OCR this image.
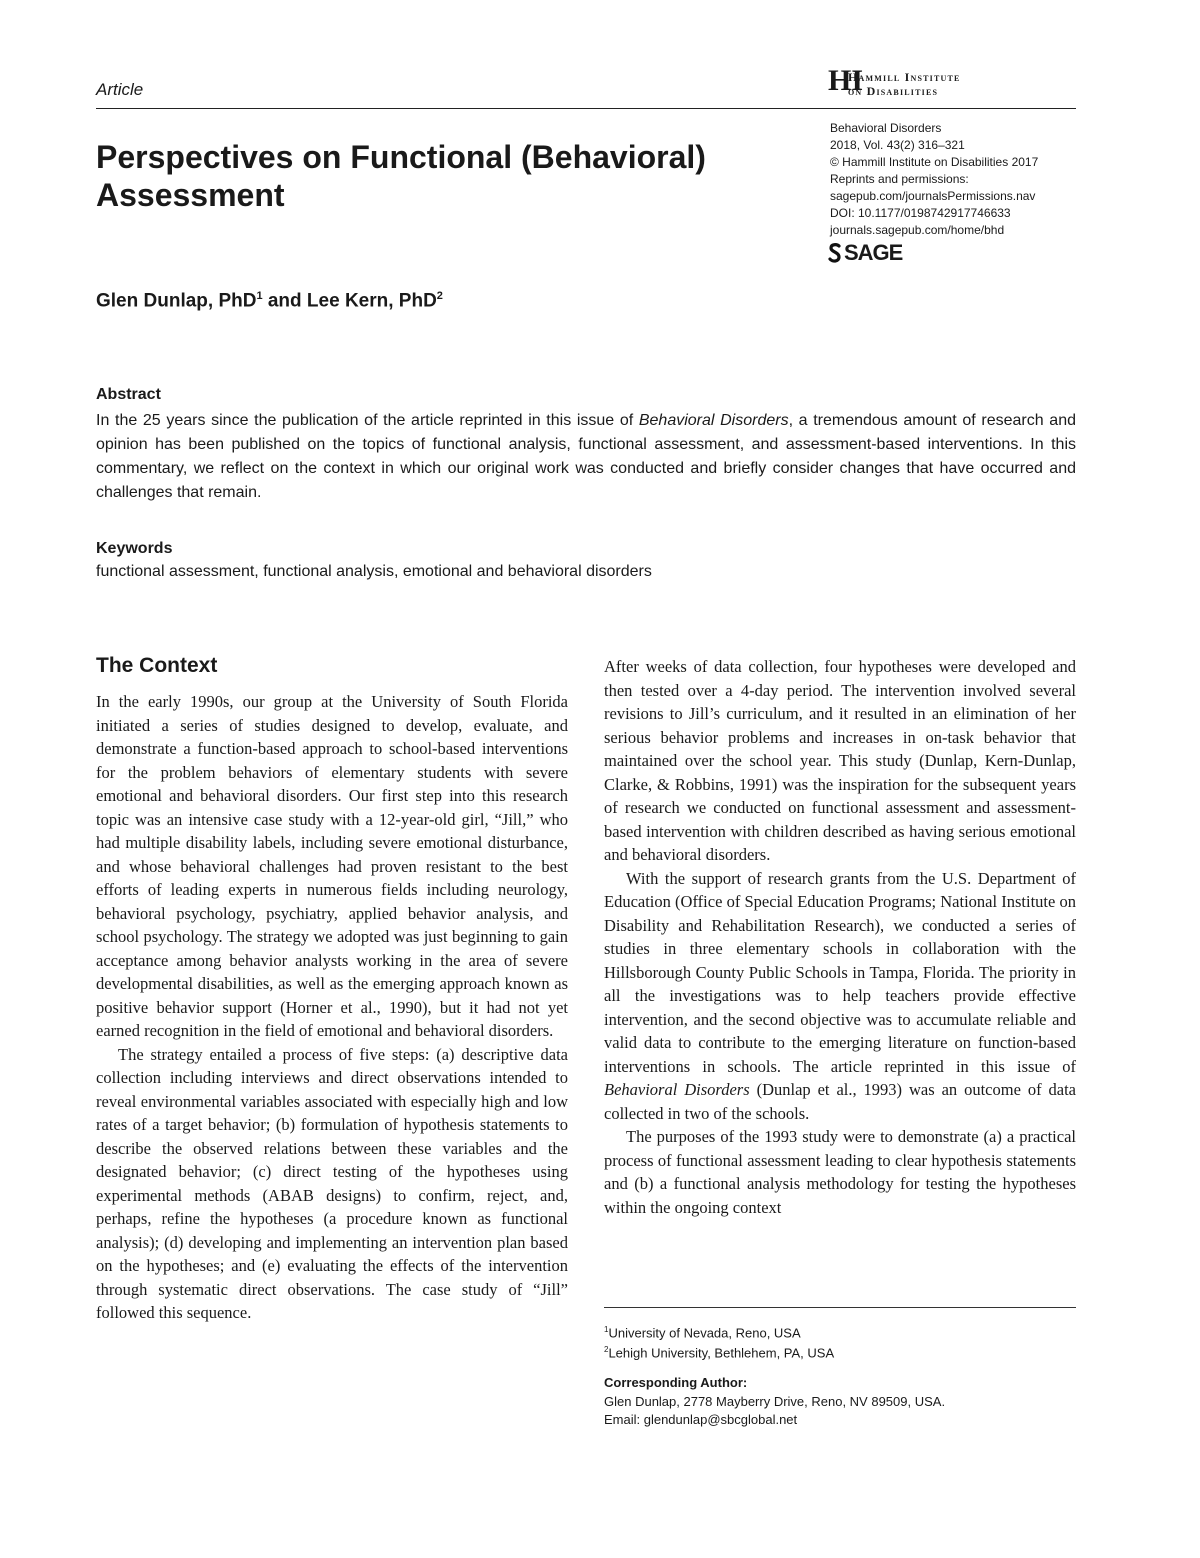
Article	HI
Hammill Institute
on Disabilities
Perspectives on Functional (Behavioral) Assessment
Behavioral Disorders
2018, Vol. 43(2) 316–321
© Hammill Institute on Disabilities 2017
Reprints and permissions:
sagepub.com/journalsPermissions.nav
DOI: 10.1177/0198742917746633
journals.sagepub.com/home/bhd
SAGE
Glen Dunlap, PhD$^1$ and Lee Kern, PhD$^2$
Abstract
In the 25 years since the publication of the article reprinted in this issue of Behavioral Disorders, a tremendous amount of research and opinion has been published on the topics of functional analysis, functional assessment, and assessment-based interventions. In this commentary, we reflect on the context in which our original work was conducted and briefly consider changes that have occurred and challenges that remain.
Keywords
functional assessment, functional analysis, emotional and behavioral disorders
The Context

In the early 1990s, our group at the University of South Florida initiated a series of studies designed to develop, evaluate, and demonstrate a function-based approach to school-based interventions for the problem behaviors of elementary students with severe emotional and behavioral disorders. Our first step into this research topic was an intensive case study with a 12-year-old girl, “Jill,” who had multiple disability labels, including severe emotional disturbance, and whose behavioral challenges had proven resistant to the best efforts of leading experts in numerous fields including neurology, behavioral psychology, psychiatry, applied behavior analysis, and school psychology. The strategy we adopted was just beginning to gain acceptance among behavior analysts working in the area of severe developmental disabilities, as well as the emerging approach known as positive behavior support (Horner et al., 1990), but it had not yet earned recognition in the field of emotional and behavioral disorders.

The strategy entailed a process of five steps: (a) descriptive data collection including interviews and direct observations intended to reveal environmental variables associated with especially high and low rates of a target behavior; (b) formulation of hypothesis statements to describe the observed relations between these variables and the designated behavior; (c) direct testing of the hypotheses using experimental methods (ABAB designs) to confirm, reject, and, perhaps, refine the hypotheses (a procedure known as functional analysis); (d) developing and implementing an intervention plan based on the hypotheses; and (e) evaluating the effects of the intervention through systematic direct observations. The case study of “Jill” followed this sequence.

After weeks of data collection, four hypotheses were developed and then tested over a 4-day period. The intervention involved several revisions to Jill’s curriculum, and it resulted in an elimination of her serious behavior problems and increases in on-task behavior that maintained over the school year. This study (Dunlap, Kern-Dunlap, Clarke, & Robbins, 1991) was the inspiration for the subsequent years of research we conducted on functional assessment and assessment-based intervention with children described as having serious emotional and behavioral disorders.

With the support of research grants from the U.S. Department of Education (Office of Special Education Programs; National Institute on Disability and Rehabilitation Research), we conducted a series of studies in three elementary schools in collaboration with the Hillsborough County Public Schools in Tampa, Florida. The priority in all the investigations was to help teachers provide effective intervention, and the second objective was to accumulate reliable and valid data to contribute to the emerging literature on function-based interventions in schools. The article reprinted in this issue of Behavioral Disorders (Dunlap et al., 1993) was an outcome of data collected in two of the schools.

The purposes of the 1993 study were to demonstrate (a) a practical process of functional assessment leading to clear hypothesis statements and (b) a functional analysis methodology for testing the hypotheses within the ongoing context

$^1$University of Nevada, Reno, USA
$^2$Lehigh University, Bethlehem, PA, USA
Corresponding Author:
Glen Dunlap, 2778 Mayberry Drive, Reno, NV 89509, USA.
Email: glendunlap@sbcglobal.net
